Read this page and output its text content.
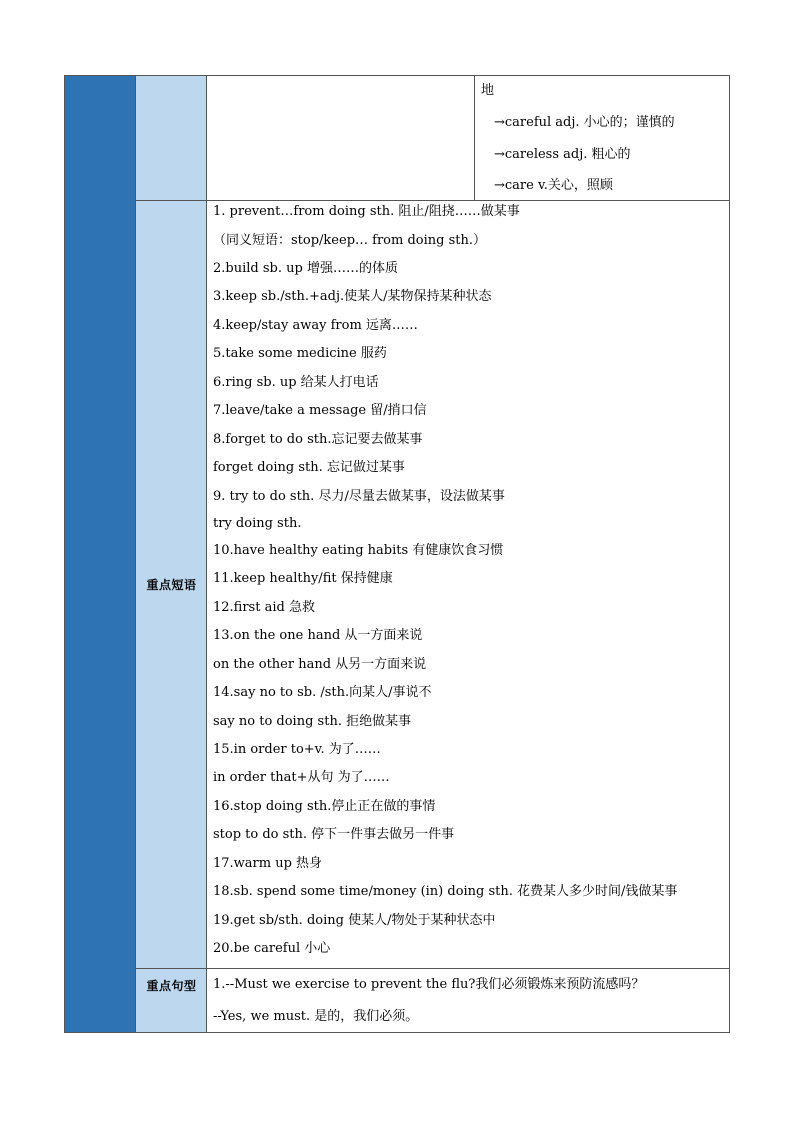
地
→careful adj. 小心的；谨慎的
→careless adj. 粗心的
→care v.关心，照顾
重点短语
1. prevent…from doing sth. 阻止/阻挠……做某事
（同义短语：stop/keep… from doing sth.）
2.build sb. up 增强……的体质
3.keep sb./sth.+adj.使某人/某物保持某种状态
4.keep/stay away from 远离……
5.take some medicine 服药
6.ring sb. up 给某人打电话
7.leave/take a message 留/捎口信
8.forget to do sth.忘记要去做某事
forget doing sth. 忘记做过某事
9. try to do sth. 尽力/尽量去做某事，设法做某事
try doing sth.
10.have healthy eating habits 有健康饮食习惯
11.keep healthy/fit 保持健康
12.first aid 急救
13.on the one hand 从一方面来说
on the other hand 从另一方面来说
14.say no to sb. /sth.向某人/事说不
say no to doing sth. 拒绝做某事
15.in order to+v. 为了……
in order that+从句 为了……
16.stop doing sth.停止正在做的事情
stop to do sth. 停下一件事去做另一件事
17.warm up 热身
18.sb. spend some time/money (in) doing sth. 花费某人多少时间/钱做某事
19.get sb/sth. doing 使某人/物处于某种状态中
20.be careful 小心
重点句型	1.--Must we exercise to prevent the flu?我们必须锻炼来预防流感吗？
--Yes, we must. 是的，我们必须。
